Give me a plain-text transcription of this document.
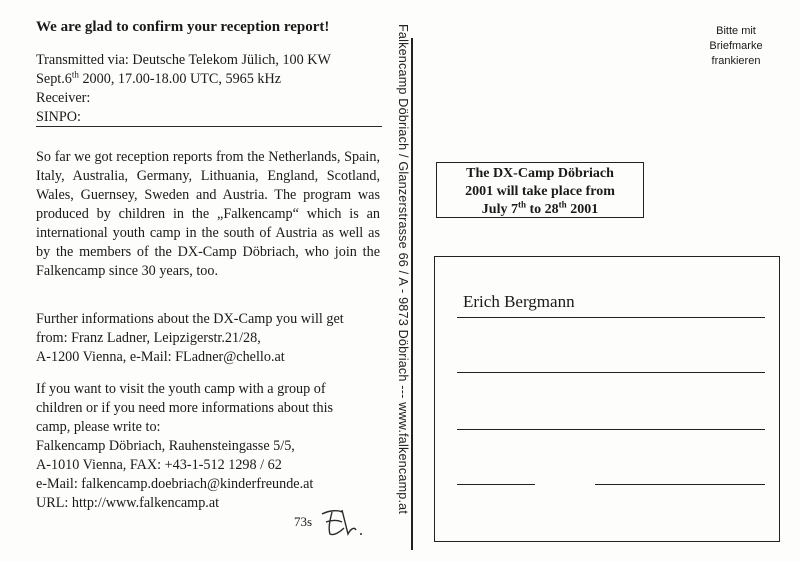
We are glad to confirm your reception report!
Transmitted via: Deutsche Telekom Jülich, 100 KW
Sept.6th 2000, 17.00-18.00 UTC, 5965 kHz
Receiver:
SINPO:
So far we got reception reports from the Netherlands, Spain, Italy, Australia, Germany, Lithuania, England, Scotland, Wales, Guernsey, Sweden and Austria. The program was produced by children in the „Falkencamp“ which is an international youth camp in the south of Austria as well as by the members of the DX-Camp Döbriach, who join the Falkencamp since 30 years, too.
Further informations about the DX-Camp you will get
from: Franz Ladner, Leipzigerstr.21/28,
A-1200 Vienna, e-Mail: FLadner@chello.at
If you want to visit the youth camp with a group of
children or if you need more informations about this
camp, please write to:
Falkencamp Döbriach, Rauhensteingasse 5/5,
A-1010 Vienna, FAX: +43-1-512 1298 / 62
e-Mail: falkencamp.doebriach@kinderfreunde.at
URL: http://www.falkencamp.at
73s
Falkencamp Döbriach / Glanzerstrasse 66 / A - 9873 Döbriach --- www.falkencamp.at	Bitte mit
Briefmarke
frankieren
The DX-Camp Döbriach
2001 will take place from
July 7th to 28th 2001
Erich Bergmann
